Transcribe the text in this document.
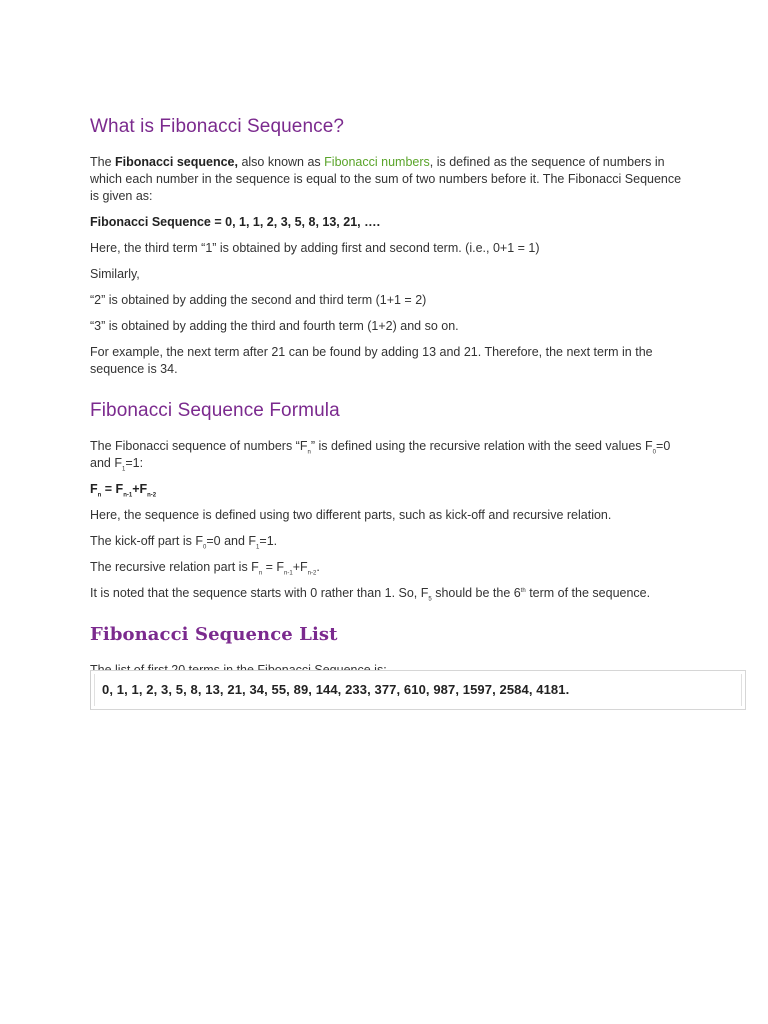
What is Fibonacci Sequence?

The Fibonacci sequence, also known as Fibonacci numbers, is defined as the sequence of numbers in which each number in the sequence is equal to the sum of two numbers before it. The Fibonacci Sequence is given as:

Fibonacci Sequence = 0, 1, 1, 2, 3, 5, 8, 13, 21, ….

Here, the third term “1” is obtained by adding first and second term. (i.e., 0+1 = 1)

Similarly,

“2” is obtained by adding the second and third term (1+1 = 2)

“3” is obtained by adding the third and fourth term (1+2) and so on.

For example, the next term after 21 can be found by adding 13 and 21. Therefore, the next term in the sequence is 34.

Fibonacci Sequence Formula

The Fibonacci sequence of numbers “$F_n$” is defined using the recursive relation with the seed values $F_0=0$ and $F_1=1$:

$F_n = F_{n-1}+F_{n-2}$

Here, the sequence is defined using two different parts, such as kick-off and recursive relation.

The kick-off part is $F_0=0$ and $F_1=1$.

The recursive relation part is $F_n = F_{n-1}+F_{n-2}$.

It is noted that the sequence starts with 0 rather than 1. So, $F_5$ should be the 6th term of the sequence.

Fibonacci Sequence List

0, 1, 1, 2, 3, 5, 8, 13, 21, 34, 55, 89, 144, 233, 377, 610, 987, 1597, 2584, 4181.
